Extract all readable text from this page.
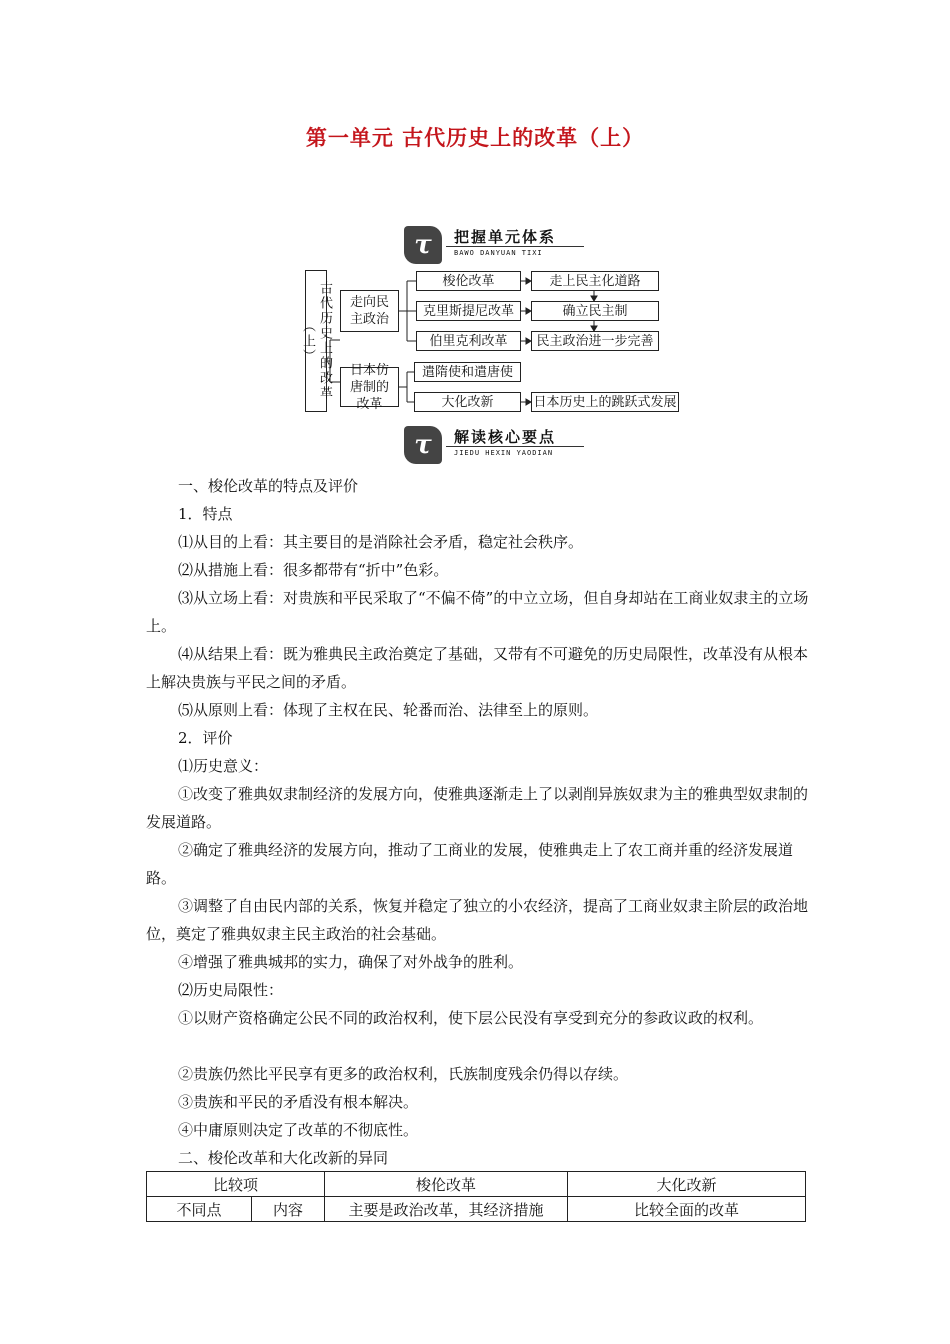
第一单元 古代历史上的改革（上）
τ	把握单元体系
BAWO DANYUAN TIXI
古代历史上的改革（上）
走向民主政治
日本仿唐制的改革
梭伦改革
克里斯提尼改革
伯里克利改革
遣隋使和遣唐使
大化改新
走上民主化道路
确立民主制
民主政治进一步完善
日本历史上的跳跃式发展
τ	解读核心要点
JIEDU HEXIN YAODIAN

一、梭伦改革的特点及评价

1．特点

⑴从目的上看：其主要目的是消除社会矛盾，稳定社会秩序。

⑵从措施上看：很多都带有“折中”色彩。

⑶从立场上看：对贵族和平民采取了“不偏不倚”的中立立场，但自身却站在工商业奴隶主的立场上。

⑷从结果上看：既为雅典民主政治奠定了基础，又带有不可避免的历史局限性，改革没有从根本上解决贵族与平民之间的矛盾。

⑸从原则上看：体现了主权在民、轮番而治、法律至上的原则。

2．评价

⑴历史意义：

①改变了雅典奴隶制经济的发展方向，使雅典逐渐走上了以剥削异族奴隶为主的雅典型奴隶制的发展道路。

②确定了雅典经济的发展方向，推动了工商业的发展，使雅典走上了农工商并重的经济发展道路。

③调整了自由民内部的关系，恢复并稳定了独立的小农经济，提高了工商业奴隶主阶层的政治地位，奠定了雅典奴隶主民主政治的社会基础。

④增强了雅典城邦的实力，确保了对外战争的胜利。

⑵历史局限性：

①以财产资格确定公民不同的政治权利，使下层公民没有享受到充分的参政议政的权利。

②贵族仍然比平民享有更多的政治权利，氏族制度残余仍得以存续。

③贵族和平民的矛盾没有根本解决。

④中庸原则决定了改革的不彻底性。

二、梭伦改革和大化改新的异同

比较项		梭伦改革	大化改新
不同点	内容	主要是政治改革，其经济措施	比较全面的改革
